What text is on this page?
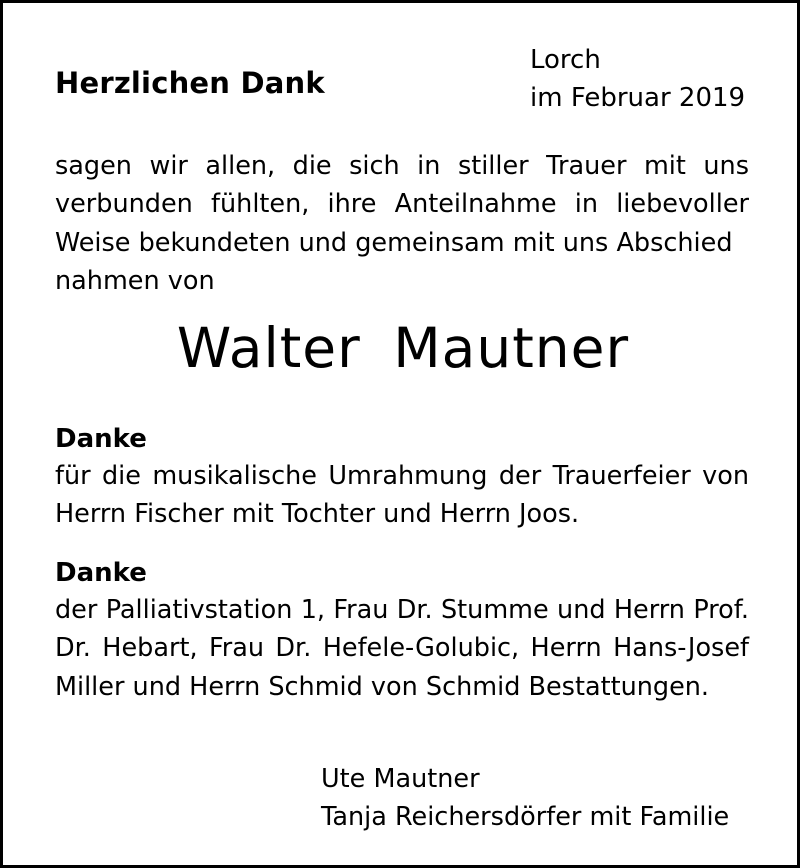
Herzlichen Dank
Lorch
im Februar 2019
sagen wir allen, die sich in stiller Trauer mit uns verbunden fühlten, ihre Anteilnahme in liebevoller Weise bekundeten und gemeinsam mit uns Abschied
nahmen von
Walter Mautner
Danke
für die musikalische Umrahmung der Trauerfeier von Herrn Fischer mit Tochter und Herrn Joos.
Danke
der Palliativstation 1, Frau Dr. Stumme und Herrn Prof. Dr. Hebart, Frau Dr. Hefele-Golubic, Herrn Hans-Josef Miller und Herrn Schmid von Schmid Bestattungen.
Ute Mautner
Tanja Reichersdörfer mit Familie
